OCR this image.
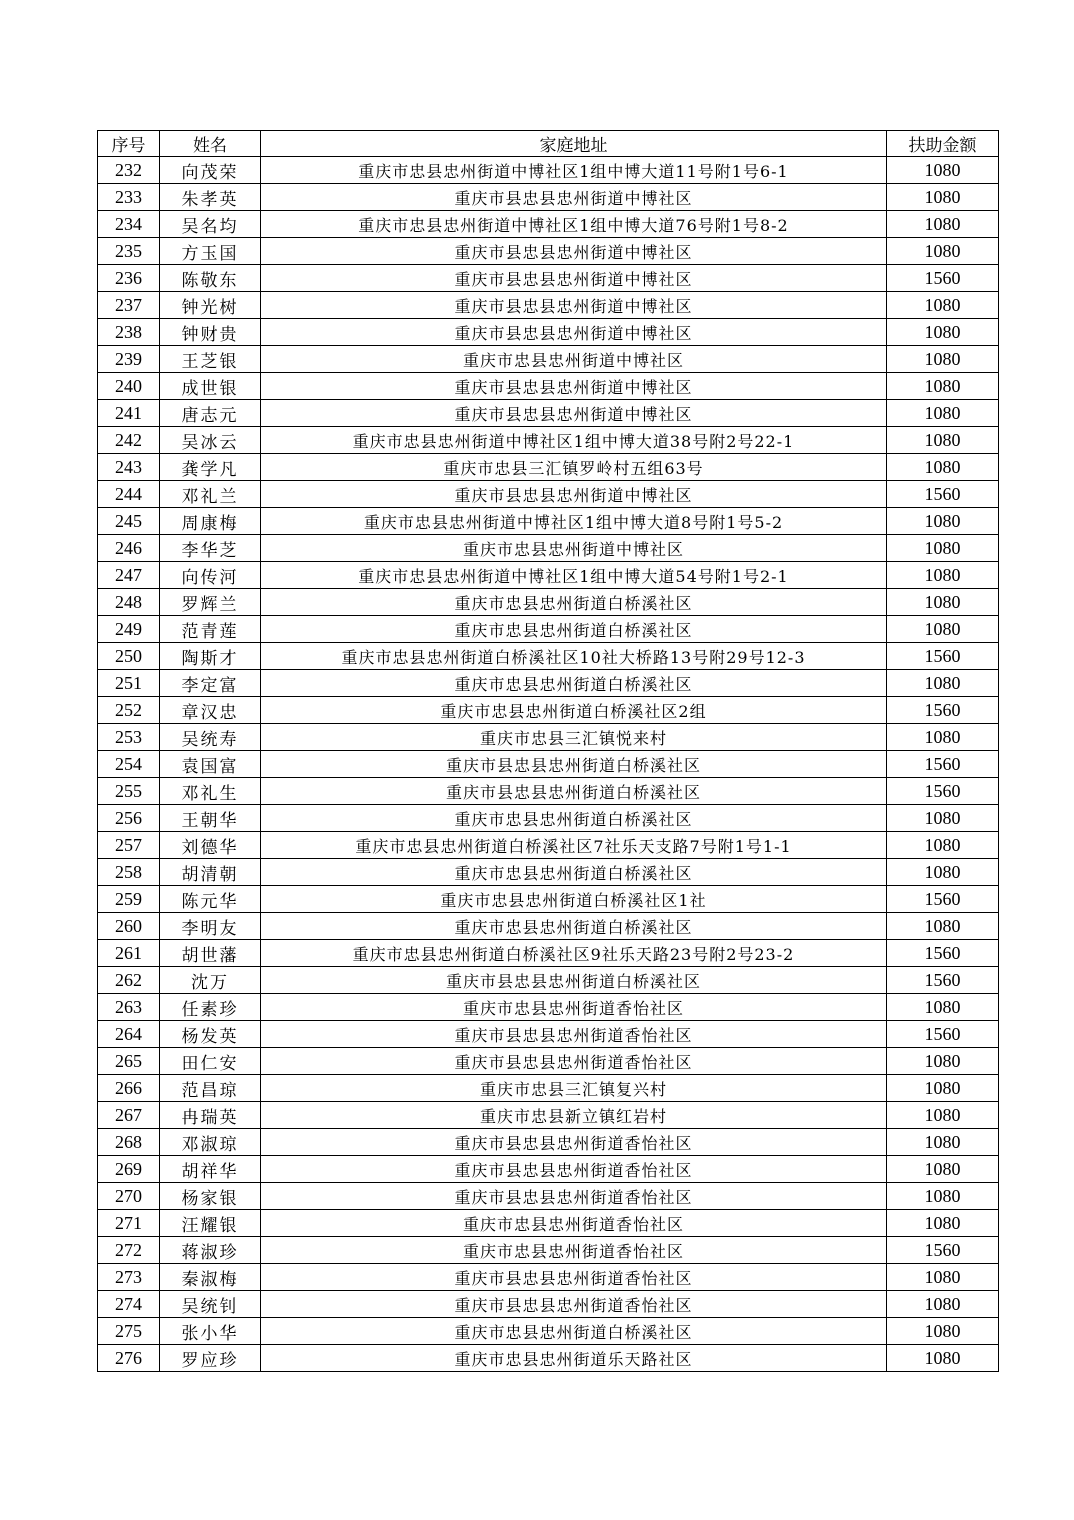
序号	姓名	家庭地址	扶助金额
232	向茂荣	重庆市忠县忠州街道中博社区1组中博大道11号附1号6-1	1080
233	朱孝英	重庆市县忠县忠州街道中博社区	1080
234	吴名均	重庆市忠县忠州街道中博社区1组中博大道76号附1号8-2	1080
235	方玉国	重庆市县忠县忠州街道中博社区	1080
236	陈敬东	重庆市县忠县忠州街道中博社区	1560
237	钟光树	重庆市县忠县忠州街道中博社区	1080
238	钟财贵	重庆市县忠县忠州街道中博社区	1080
239	王芝银	重庆市忠县忠州街道中博社区	1080
240	成世银	重庆市县忠县忠州街道中博社区	1080
241	唐志元	重庆市县忠县忠州街道中博社区	1080
242	吴冰云	重庆市忠县忠州街道中博社区1组中博大道38号附2号22-1	1080
243	龚学凡	重庆市忠县三汇镇罗岭村五组63号	1080
244	邓礼兰	重庆市县忠县忠州街道中博社区	1560
245	周康梅	重庆市忠县忠州街道中博社区1组中博大道8号附1号5-2	1080
246	李华芝	重庆市忠县忠州街道中博社区	1080
247	向传河	重庆市忠县忠州街道中博社区1组中博大道54号附1号2-1	1080
248	罗辉兰	重庆市忠县忠州街道白桥溪社区	1080
249	范青莲	重庆市忠县忠州街道白桥溪社区	1080
250	陶斯才	重庆市忠县忠州街道白桥溪社区10社大桥路13号附29号12-3	1560
251	李定富	重庆市忠县忠州街道白桥溪社区	1080
252	章汉忠	重庆市忠县忠州街道白桥溪社区2组	1560
253	吴统寿	重庆市忠县三汇镇悦来村	1080
254	袁国富	重庆市县忠县忠州街道白桥溪社区	1560
255	邓礼生	重庆市县忠县忠州街道白桥溪社区	1560
256	王朝华	重庆市忠县忠州街道白桥溪社区	1080
257	刘德华	重庆市忠县忠州街道白桥溪社区7社乐天支路7号附1号1-1	1080
258	胡清朝	重庆市忠县忠州街道白桥溪社区	1080
259	陈元华	重庆市忠县忠州街道白桥溪社区1社	1560
260	李明友	重庆市忠县忠州街道白桥溪社区	1080
261	胡世藩	重庆市忠县忠州街道白桥溪社区9社乐天路23号附2号23-2	1560
262	沈万	重庆市县忠县忠州街道白桥溪社区	1560
263	任素珍	重庆市忠县忠州街道香怡社区	1080
264	杨发英	重庆市县忠县忠州街道香怡社区	1560
265	田仁安	重庆市县忠县忠州街道香怡社区	1080
266	范昌琼	重庆市忠县三汇镇复兴村	1080
267	冉瑞英	重庆市忠县新立镇红岩村	1080
268	邓淑琼	重庆市县忠县忠州街道香怡社区	1080
269	胡祥华	重庆市县忠县忠州街道香怡社区	1080
270	杨家银	重庆市县忠县忠州街道香怡社区	1080
271	汪耀银	重庆市忠县忠州街道香怡社区	1080
272	蒋淑珍	重庆市忠县忠州街道香怡社区	1560
273	秦淑梅	重庆市县忠县忠州街道香怡社区	1080
274	吴统钊	重庆市县忠县忠州街道香怡社区	1080
275	张小华	重庆市忠县忠州街道白桥溪社区	1080
276	罗应珍	重庆市忠县忠州街道乐天路社区	1080
